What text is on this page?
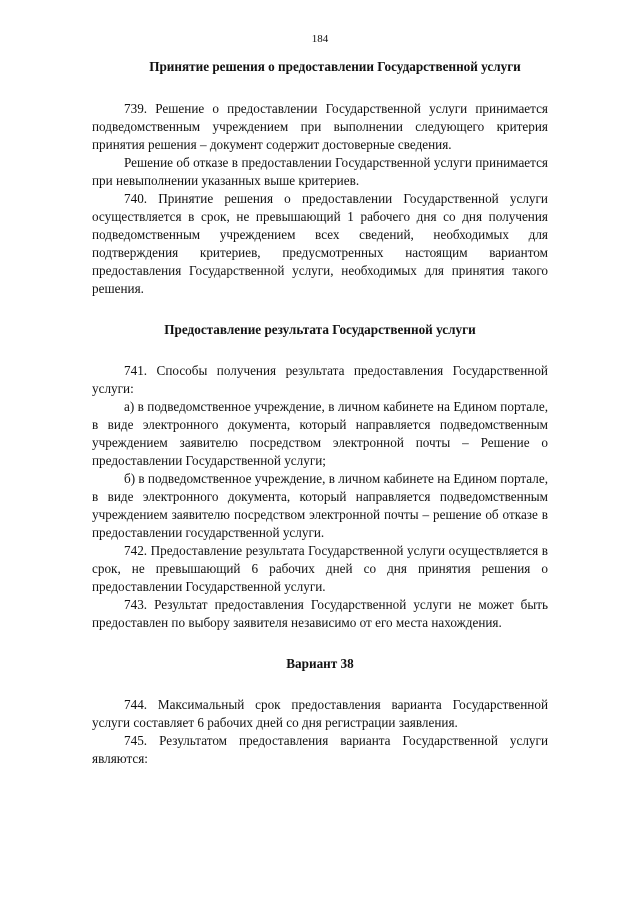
184

Принятие решения о предоставлении Государственной услуги

739. Решение о предоставлении Государственной услуги принимается подведомственным учреждением при выполнении следующего критерия принятия решения – документ содержит достоверные сведения.

Решение об отказе в предоставлении Государственной услуги принимается при невыполнении указанных выше критериев.

740. Принятие решения о предоставлении Государственной услуги осуществляется в срок, не превышающий 1 рабочего дня со дня получения подведомственным учреждением всех сведений, необходимых для подтверждения критериев, предусмотренных настоящим вариантом предоставления Государственной услуги, необходимых для принятия такого решения.

Предоставление результата Государственной услуги

741. Способы получения результата предоставления Государственной услуги:

а) в подведомственное учреждение, в личном кабинете на Едином портале, в виде электронного документа, который направляется подведомственным учреждением заявителю посредством электронной почты – Решение о предоставлении Государственной услуги;

б) в подведомственное учреждение, в личном кабинете на Едином портале, в виде электронного документа, который направляется подведомственным учреждением заявителю посредством электронной почты – решение об отказе в предоставлении государственной услуги.

742. Предоставление результата Государственной услуги осуществляется в срок, не превышающий 6 рабочих дней со дня принятия решения о предоставлении Государственной услуги.

743. Результат предоставления Государственной услуги не может быть предоставлен по выбору заявителя независимо от его места нахождения.

Вариант 38

744. Максимальный срок предоставления варианта Государственной услуги составляет 6 рабочих дней со дня регистрации заявления.

745. Результатом предоставления варианта Государственной услуги являются:
